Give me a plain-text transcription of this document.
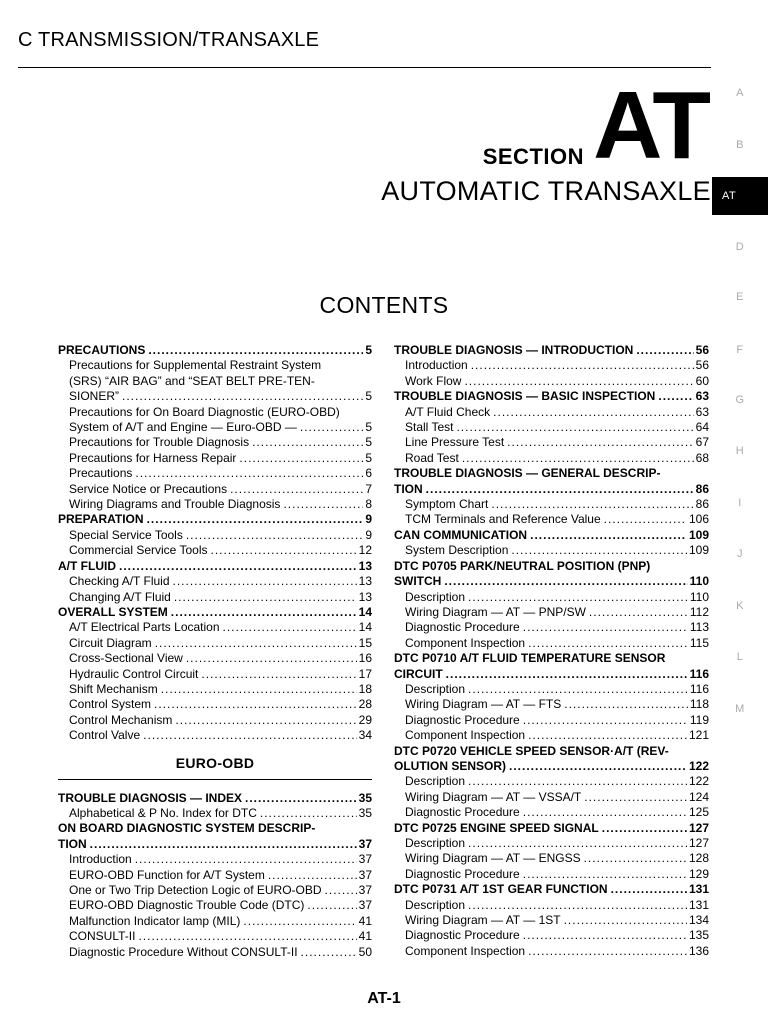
C TRANSMISSION/TRANSAXLE
SECTION AT
AUTOMATIC TRANSAXLE
CONTENTS
A
B
AT
D
E
F
G
H
I
J
K
L
M
PRECAUTIONS .....	5
Precautions for Supplemental Restraint System
(SRS) “AIR BAG” and “SEAT BELT PRE-TEN-
SIONER” .....	5
Precautions for On Board Diagnostic (EURO-OBD)
System of A/T and Engine — Euro-OBD — .....	5
Precautions for Trouble Diagnosis .....	5
Precautions for Harness Repair .....	5
Precautions .....	6
Service Notice or Precautions .....	7
Wiring Diagrams and Trouble Diagnosis .....	8
PREPARATION .....	9
Special Service Tools .....	9
Commercial Service Tools .....	12
A/T FLUID .....	13
Checking A/T Fluid .....	13
Changing A/T Fluid .....	13
OVERALL SYSTEM .....	14
A/T Electrical Parts Location .....	14
Circuit Diagram .....	15
Cross-Sectional View .....	16
Hydraulic Control Circuit .....	17
Shift Mechanism .....	18
Control System .....	28
Control Mechanism .....	29
Control Valve .....	34
EURO-OBD
TROUBLE DIAGNOSIS — INDEX .....	35
Alphabetical & P No. Index for DTC .....	35
ON BOARD DIAGNOSTIC SYSTEM DESCRIP-
TION .....	37
Introduction .....	37
EURO-OBD Function for A/T System .....	37
One or Two Trip Detection Logic of EURO-OBD .....	37
EURO-OBD Diagnostic Trouble Code (DTC) .....	37
Malfunction Indicator lamp (MIL) .....	41
CONSULT-II .....	41
Diagnostic Procedure Without CONSULT-II .....	50
TROUBLE DIAGNOSIS — INTRODUCTION .....	56
Introduction .....	56
Work Flow .....	60
TROUBLE DIAGNOSIS — BASIC INSPECTION .....	63
A/T Fluid Check .....	63
Stall Test .....	64
Line Pressure Test .....	67
Road Test .....	68
TROUBLE DIAGNOSIS — GENERAL DESCRIP-
TION .....	86
Symptom Chart .....	86
TCM Terminals and Reference Value .....	106
CAN COMMUNICATION .....	109
System Description .....	109
DTC P0705 PARK/NEUTRAL POSITION (PNP)
SWITCH .....	110
Description .....	110
Wiring Diagram — AT — PNP/SW .....	112
Diagnostic Procedure .....	113
Component Inspection .....	115
DTC P0710 A/T FLUID TEMPERATURE SENSOR
CIRCUIT .....	116
Description .....	116
Wiring Diagram — AT — FTS .....	118
Diagnostic Procedure .....	119
Component Inspection .....	121
DTC P0720 VEHICLE SPEED SENSOR·A/T (REV-
OLUTION SENSOR) .....	122
Description .....	122
Wiring Diagram — AT — VSSA/T .....	124
Diagnostic Procedure .....	125
DTC P0725 ENGINE SPEED SIGNAL .....	127
Description .....	127
Wiring Diagram — AT — ENGSS .....	128
Diagnostic Procedure .....	129
DTC P0731 A/T 1ST GEAR FUNCTION .....	131
Description .....	131
Wiring Diagram — AT — 1ST .....	134
Diagnostic Procedure .....	135
Component Inspection .....	136
AT-1
